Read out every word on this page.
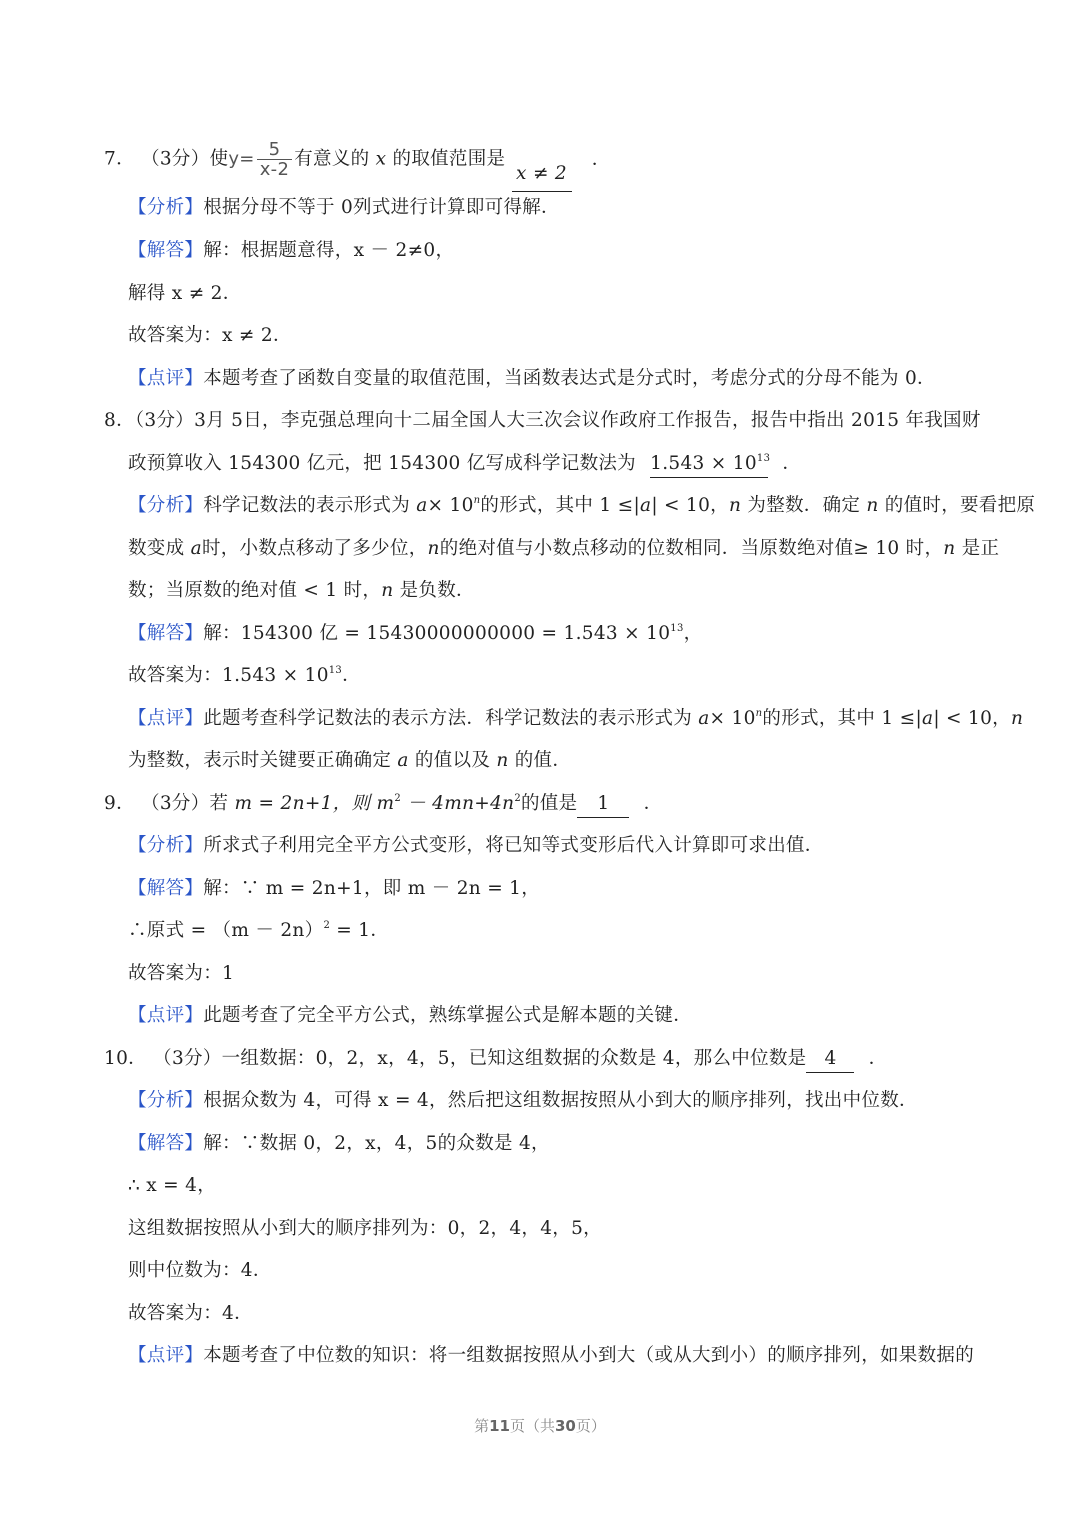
7． （3分）使$y= \frac{5}{x-2}$ 有意义的 x 的取值范围是 x ≠ 2 ．
【分析】根据分母不等于 0列式进行计算即可得解．
【解答】解：根据题意得，x － 2≠0，
解得 x ≠ 2．
故答案为：x ≠ 2．
【点评】本题考查了函数自变量的取值范围，当函数表达式是分式时，考虑分式的分母不能为 0．
8．（3分）3月 5日，李克强总理向十二届全国人大三次会议作政府工作报告，报告中指出 2015 年我国财
政预算收入 154300 亿元，把 154300 亿写成科学记数法为 $1.543 \times 10^{13}$ ．
【分析】科学记数法的表示形式为 $a\times 10^n$的形式，其中 1 ≤|a| < 10，n 为整数．确定 n 的值时，要看把原
数变成 a时，小数点移动了多少位，n的绝对值与小数点移动的位数相同．当原数绝对值≥ 10 时，n 是正
数；当原数的绝对值 < 1 时，n 是负数．
【解答】解：154300 亿 = $15430000000000 = 1.543 \times 10^{13}$，
故答案为：$1.543 \times 10^{13}$．
【点评】此题考查科学记数法的表示方法．科学记数法的表示形式为 $a\times 10^n$的形式，其中 1 ≤|a| < 10，n
为整数，表示时关键要正确确定 a 的值以及 n 的值．
9． （3分）若 m = 2n+1，则 $m^2 - 4mn+4n^2$的值是 1 ．
【分析】所求式子利用完全平方公式变形，将已知等式变形后代入计算即可求出值．
【解答】解：∵ m = 2n+1，即 m － 2n = 1，
∴原式 = $(m - 2n)^2 = 1$．
故答案为：1
【点评】此题考查了完全平方公式，熟练掌握公式是解本题的关键．
10． （3分）一组数据：0，2，x，4，5，已知这组数据的众数是 4，那么中位数是 4 ．
【分析】根据众数为 4，可得 x = 4，然后把这组数据按照从小到大的顺序排列，找出中位数．
【解答】解：∵数据 0，2，x，4，5的众数是 4，
∴ x = 4，
这组数据按照从小到大的顺序排列为：0，2，4，4，5，
则中位数为：4．
故答案为：4．
【点评】本题考查了中位数的知识：将一组数据按照从小到大（或从大到小）的顺序排列，如果数据的
第11页（共30页）
